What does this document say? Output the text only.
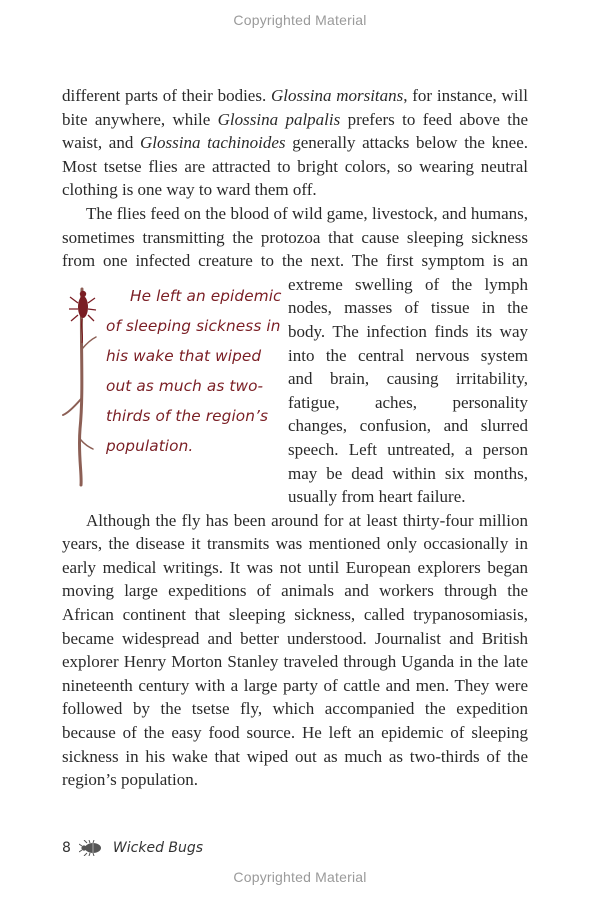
Copyrighted Material

different parts of their bodies. Glossina morsitans, for instance, will bite anywhere, while Glossina palpalis prefers to feed above the waist, and Glossina tachinoides generally attacks below the knee. Most tsetse flies are attracted to bright colors, so wearing neutral clothing is one way to ward them off.

The flies feed on the blood of wild game, livestock, and humans, sometimes transmitting the protozoa that cause sleeping sickness from one infected creature to the next. The first symptom is an
He left an epidemic of sleeping sickness in his wake that wiped out as much as two-thirds of the region’s population.
extreme swelling of the lymph nodes, masses of tissue in the body. The infection finds its way into the central nervous system and brain, causing irritability, fatigue, aches, personality changes, confusion, and slurred speech. Left untreated, a person may be dead within six months, usually from heart failure.

Although the fly has been around for at least thirty-four million years, the disease it transmits was mentioned only occasionally in early medical writings. It was not until European explorers began moving large expeditions of animals and workers through the African continent that sleeping sickness, called trypanosomiasis, became widespread and better understood. Journalist and British explorer Henry Morton Stanley traveled through Uganda in the late nineteenth century with a large party of cattle and men. They were followed by the tsetse fly, which accompanied the expedition because of the easy food source. He left an epidemic of sleeping sickness in his wake that wiped out as much as two-thirds of the region’s population.

8	Wicked Bugs
Copyrighted Material
